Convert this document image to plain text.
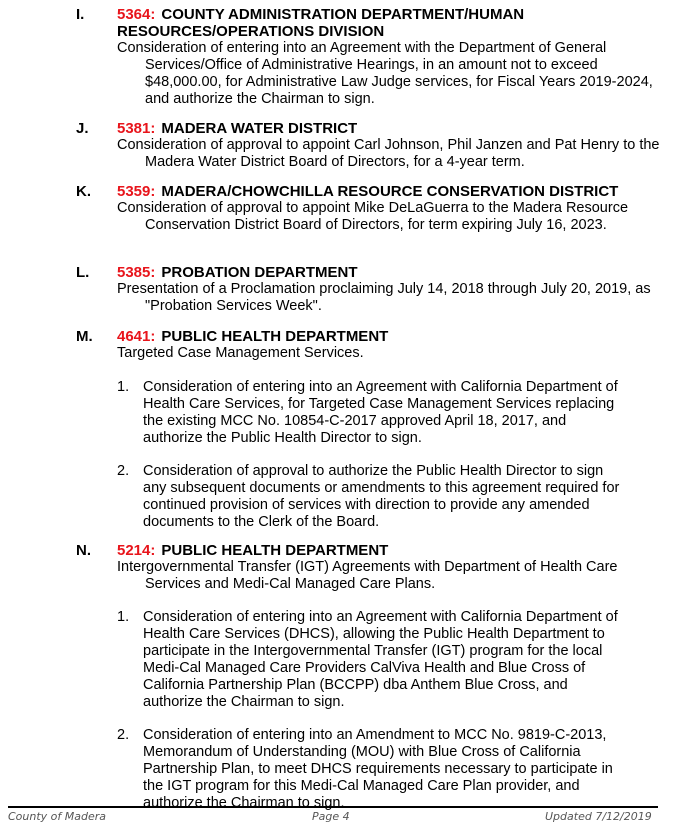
I. 5364: COUNTY ADMINISTRATION DEPARTMENT/HUMAN RESOURCES/OPERATIONS DIVISION
Consideration of entering into an Agreement with the Department of General Services/Office of Administrative Hearings, in an amount not to exceed $48,000.00, for Administrative Law Judge services, for Fiscal Years 2019-2024, and authorize the Chairman to sign.
J. 5381: MADERA WATER DISTRICT
Consideration of approval to appoint Carl Johnson, Phil Janzen and Pat Henry to the Madera Water District Board of Directors, for a 4-year term.
K. 5359: MADERA/CHOWCHILLA RESOURCE CONSERVATION DISTRICT
Consideration of approval to appoint Mike DeLaGuerra to the Madera Resource Conservation District Board of Directors, for term expiring July 16, 2023.
L. 5385: PROBATION DEPARTMENT
Presentation of a Proclamation proclaiming July 14, 2018 through July 20, 2019, as "Probation Services Week".
M. 4641: PUBLIC HEALTH DEPARTMENT
Targeted Case Management Services.
1. Consideration of entering into an Agreement with California Department of Health Care Services, for Targeted Case Management Services replacing the existing MCC No. 10854-C-2017 approved April 18, 2017, and authorize the Public Health Director to sign.
2. Consideration of approval to authorize the Public Health Director to sign any subsequent documents or amendments to this agreement required for continued provision of services with direction to provide any amended documents to the Clerk of the Board.
N. 5214: PUBLIC HEALTH DEPARTMENT
Intergovernmental Transfer (IGT) Agreements with Department of Health Care Services and Medi-Cal Managed Care Plans.
1. Consideration of entering into an Agreement with California Department of Health Care Services (DHCS), allowing the Public Health Department to participate in the Intergovernmental Transfer (IGT) program for the local Medi-Cal Managed Care Providers CalViva Health and Blue Cross of California Partnership Plan (BCCPP) dba Anthem Blue Cross, and authorize the Chairman to sign.
2. Consideration of entering into an Amendment to MCC No. 9819-C-2013, Memorandum of Understanding (MOU) with Blue Cross of California Partnership Plan, to meet DHCS requirements necessary to participate in the IGT program for this Medi-Cal Managed Care Plan provider, and authorize the Chairman to sign.
County of Madera	Page 4	Updated 7/12/2019
